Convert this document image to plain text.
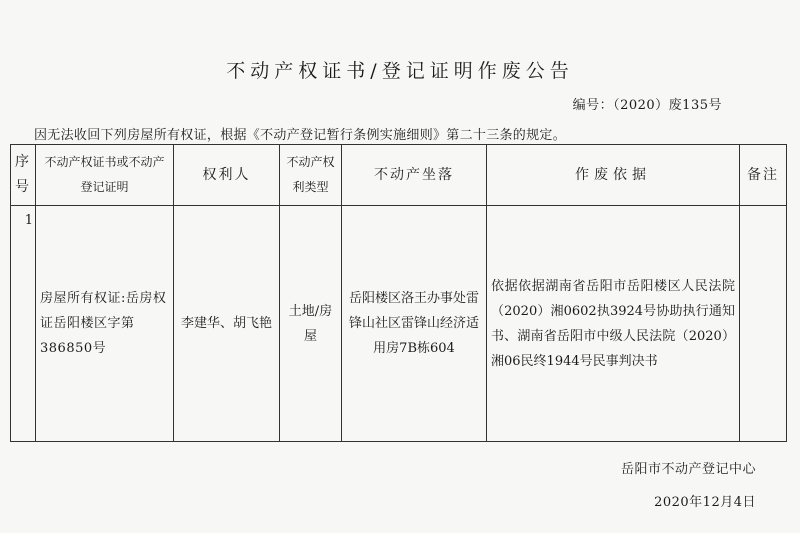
不动产权证书/登记证明作废公告
编号：（2020）废135号
因无法收回下列房屋所有权证，根据《不动产登记暂行条例实施细则》第二十三条的规定。
序号	不动产权证书或不动产登记证明	权利人	不动产权利类型	不动产坐落	作废依据	备注
1	房屋所有权证:岳房权证岳阳楼区字第386850号	李建华、胡飞艳	土地/房屋	岳阳楼区洛王办事处雷锋山社区雷锋山经济适用房7B栋604	依据依据湖南省岳阳市岳阳楼区人民法院（2020）湘0602执3924号协助执行通知书、湖南省岳阳市中级人民法院（2020）湘06民终1944号民事判决书	
岳阳市不动产登记中心
2020年12月4日
